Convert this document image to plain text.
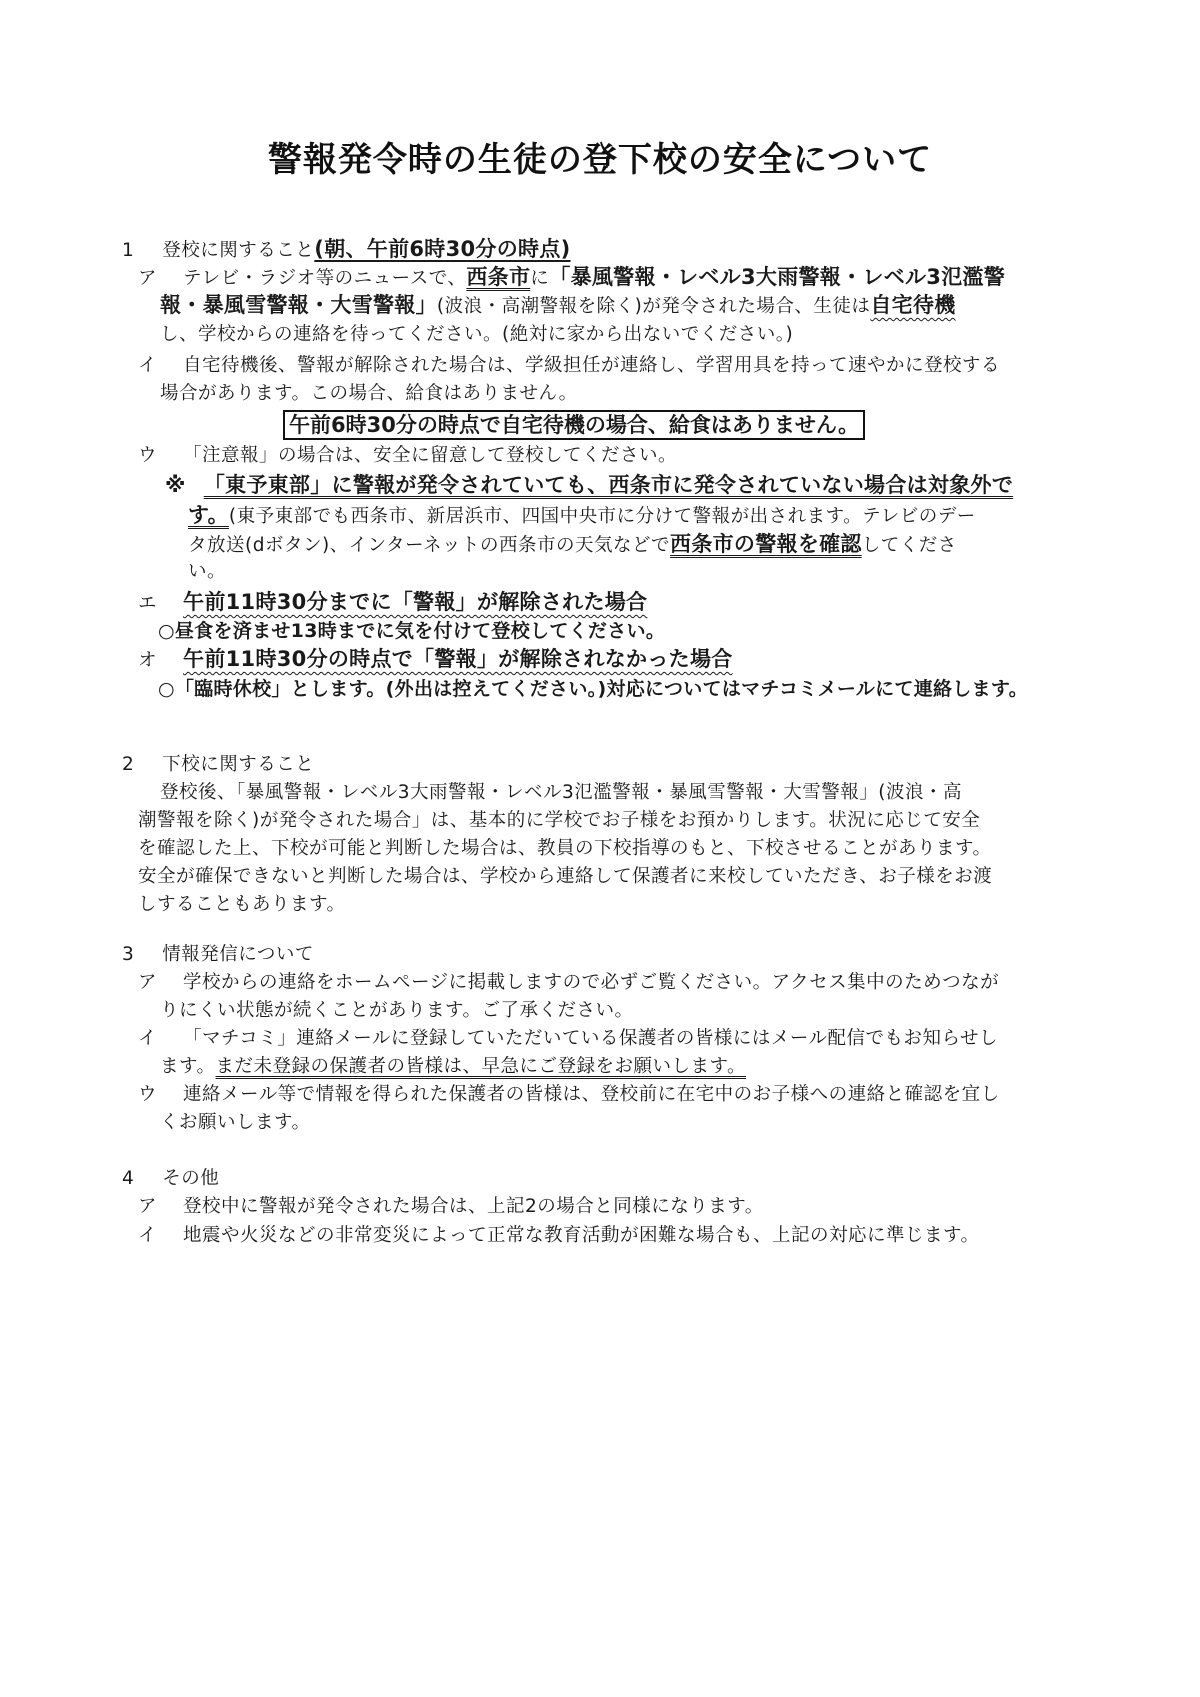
警報発令時の生徒の登下校の安全について
1 登校に関すること(朝、午前6時30分の時点)
ア テレビ・ラジオ等のニュースで、西条市に「暴風警報・レベル3大雨警報・レベル3氾濫警
報・暴風雪警報・大雪警報」(波浪・高潮警報を除く)が発令された場合、生徒は自宅待機
し、学校からの連絡を待ってください。(絶対に家から出ないでください。)
イ 自宅待機後、警報が解除された場合は、学級担任が連絡し、学習用具を持って速やかに登校する
場合があります。この場合、給食はありません。
午前6時30分の時点で自宅待機の場合、給食はありません。
ウ 「注意報」の場合は、安全に留意して登校してください。
※ 「東予東部」に警報が発令されていても、西条市に発令されていない場合は対象外で
す。(東予東部でも西条市、新居浜市、四国中央市に分けて警報が出されます。テレビのデー
タ放送(dボタン)、インターネットの西条市の天気などで西条市の警報を確認してくださ
い。
エ 午前11時30分までに「警報」が解除された場合
○昼食を済ませ13時までに気を付けて登校してください。
オ 午前11時30分の時点で「警報」が解除されなかった場合
○「臨時休校」とします。(外出は控えてください。)対応についてはマチコミメールにて連絡します。
2 下校に関すること
登校後、「暴風警報・レベル3大雨警報・レベル3氾濫警報・暴風雪警報・大雪警報」(波浪・高
潮警報を除く)が発令された場合」は、基本的に学校でお子様をお預かりします。状況に応じて安全
を確認した上、下校が可能と判断した場合は、教員の下校指導のもと、下校させることがあります。
安全が確保できないと判断した場合は、学校から連絡して保護者に来校していただき、お子様をお渡
しすることもあります。
3 情報発信について
ア 学校からの連絡をホームページに掲載しますので必ずご覧ください。アクセス集中のためつなが
りにくい状態が続くことがあります。ご了承ください。
イ 「マチコミ」連絡メールに登録していただいている保護者の皆様にはメール配信でもお知らせし
ます。まだ未登録の保護者の皆様は、早急にご登録をお願いします。
ウ 連絡メール等で情報を得られた保護者の皆様は、登校前に在宅中のお子様への連絡と確認を宜し
くお願いします。
4 その他
ア 登校中に警報が発令された場合は、上記2の場合と同様になります。
イ 地震や火災などの非常変災によって正常な教育活動が困難な場合も、上記の対応に準じます。
